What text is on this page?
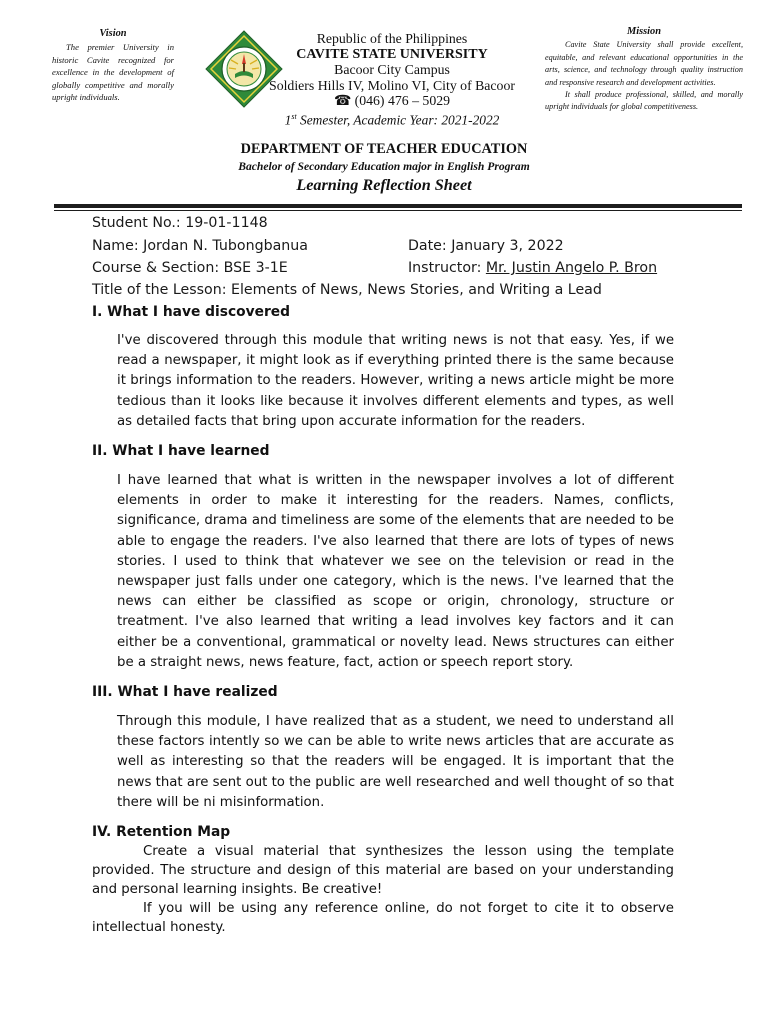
Vision
The premier University in historic Cavite recognized for excellence in the development of globally competitive and morally upright individuals.
Republic of the Philippines
CAVITE STATE UNIVERSITY
Bacoor City Campus
Soldiers Hills IV, Molino VI, City of Bacoor
☎ (046) 476 – 5029
1st Semester, Academic Year: 2021-2022
Mission
Cavite State University shall provide excellent, equitable, and relevant educational opportunities in the arts, science, and technology through quality instruction and responsive research and development activities.
It shall produce professional, skilled, and morally upright individuals for global competitiveness.
DEPARTMENT OF TEACHER EDUCATION
Bachelor of Secondary Education major in English Program
Learning Reflection Sheet
Student No.: 19-01-1148
Name: Jordan N. Tubongbanua	Date: January 3, 2022
Course & Section: BSE 3-1E	Instructor: Mr. Justin Angelo P. Bron
Title of the Lesson: Elements of News, News Stories, and Writing a Lead
I. What I have discovered
I've discovered through this module that writing news is not that easy. Yes, if we read a newspaper, it might look as if everything printed there is the same because it brings information to the readers. However, writing a news article might be more tedious than it looks like because it involves different elements and types, as well as detailed facts that bring upon accurate information for the readers.
II. What I have learned
I have learned that what is written in the newspaper involves a lot of different elements in order to make it interesting for the readers. Names, conflicts, significance, drama and timeliness are some of the elements that are needed to be able to engage the readers. I've also learned that there are lots of types of news stories. I used to think that whatever we see on the television or read in the newspaper just falls under one category, which is the news. I've learned that the news can either be classified as scope or origin, chronology, structure or treatment. I've also learned that writing a lead involves key factors and it can either be a conventional, grammatical or novelty lead. News structures can either be a straight news, news feature, fact, action or speech report story.
III. What I have realized
Through this module, I have realized that as a student, we need to understand all these factors intently so we can be able to write news articles that are accurate as well as interesting so that the readers will be engaged. It is important that the news that are sent out to the public are well researched and well thought of so that there will be ni misinformation.
IV. Retention Map
Create a visual material that synthesizes the lesson using the template provided. The structure and design of this material are based on your understanding and personal learning insights. Be creative!
If you will be using any reference online, do not forget to cite it to observe intellectual honesty.
